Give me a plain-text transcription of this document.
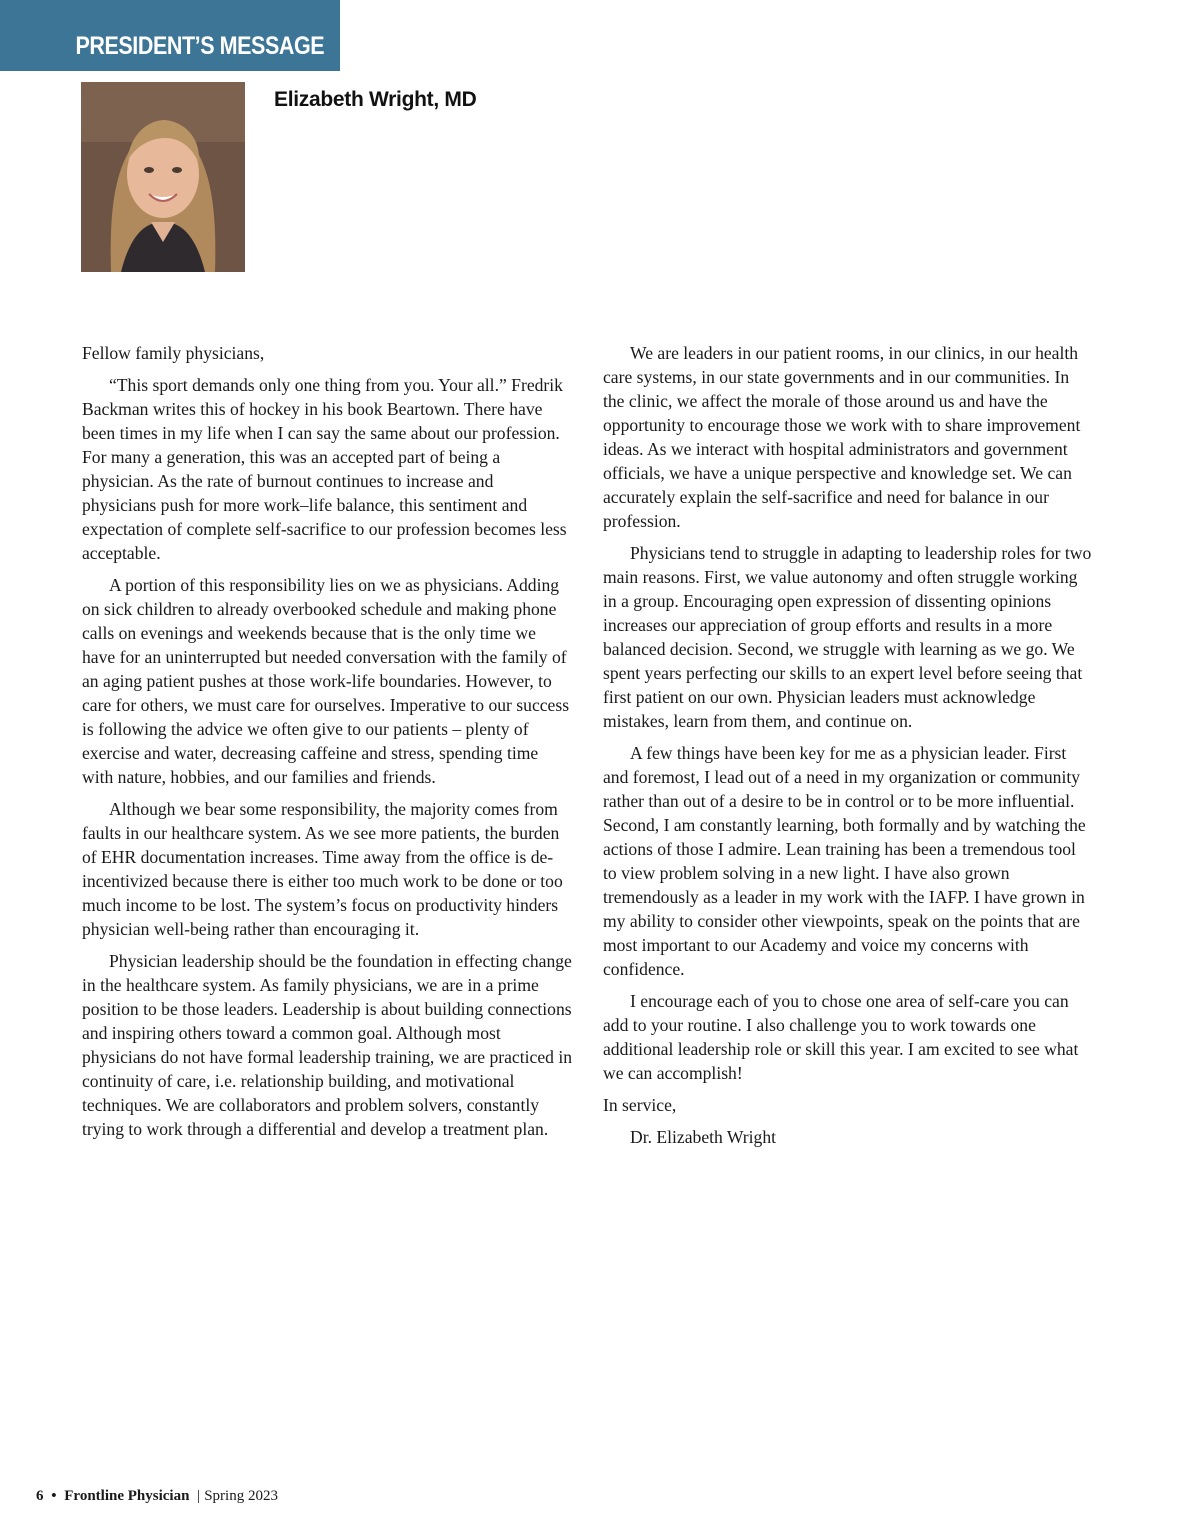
PRESIDENT’S MESSAGE
Elizabeth Wright, MD

Fellow family physicians,

“This sport demands only one thing from you. Your all.” Fredrik Backman writes this of hockey in his book Beartown. There have been times in my life when I can say the same about our profession. For many a generation, this was an accepted part of being a physician. As the rate of burnout continues to increase and physicians push for more work–life balance, this sentiment and expectation of complete self-sacrifice to our profession becomes less acceptable.

A portion of this responsibility lies on we as physicians. Adding on sick children to already overbooked schedule and making phone calls on evenings and weekends because that is the only time we have for an uninterrupted but needed conversation with the family of an aging patient pushes at those work-life boundaries. However, to care for others, we must care for ourselves. Imperative to our success is following the advice we often give to our patients – plenty of exercise and water, decreasing caffeine and stress, spending time with nature, hobbies, and our families and friends.

Although we bear some responsibility, the majority comes from faults in our healthcare system. As we see more patients, the burden of EHR documentation increases. Time away from the office is de-incentivized because there is either too much work to be done or too much income to be lost. The system’s focus on productivity hinders physician well-being rather than encouraging it.

Physician leadership should be the foundation in effecting change in the healthcare system. As family physicians, we are in a prime position to be those leaders. Leadership is about building connections and inspiring others toward a common goal. Although most physicians do not have formal leadership training, we are practiced in continuity of care, i.e. relationship building, and motivational techniques. We are collaborators and problem solvers, constantly trying to work through a differential and develop a treatment plan.

We are leaders in our patient rooms, in our clinics, in our health care systems, in our state governments and in our communities. In the clinic, we affect the morale of those around us and have the opportunity to encourage those we work with to share improvement ideas. As we interact with hospital administrators and government officials, we have a unique perspective and knowledge set. We can accurately explain the self-sacrifice and need for balance in our profession.

Physicians tend to struggle in adapting to leadership roles for two main reasons. First, we value autonomy and often struggle working in a group. Encouraging open expression of dissenting opinions increases our appreciation of group efforts and results in a more balanced decision. Second, we struggle with learning as we go. We spent years perfecting our skills to an expert level before seeing that first patient on our own. Physician leaders must acknowledge mistakes, learn from them, and continue on.

A few things have been key for me as a physician leader. First and foremost, I lead out of a need in my organization or community rather than out of a desire to be in control or to be more influential. Second, I am constantly learning, both formally and by watching the actions of those I admire. Lean training has been a tremendous tool to view problem solving in a new light. I have also grown tremendously as a leader in my work with the IAFP. I have grown in my ability to consider other viewpoints, speak on the points that are most important to our Academy and voice my concerns with confidence.

I encourage each of you to chose one area of self-care you can add to your routine. I also challenge you to work towards one additional leadership role or skill this year. I am excited to see what we can accomplish!

In service,

Dr. Elizabeth Wright

6 • Frontline Physician | Spring 2023
